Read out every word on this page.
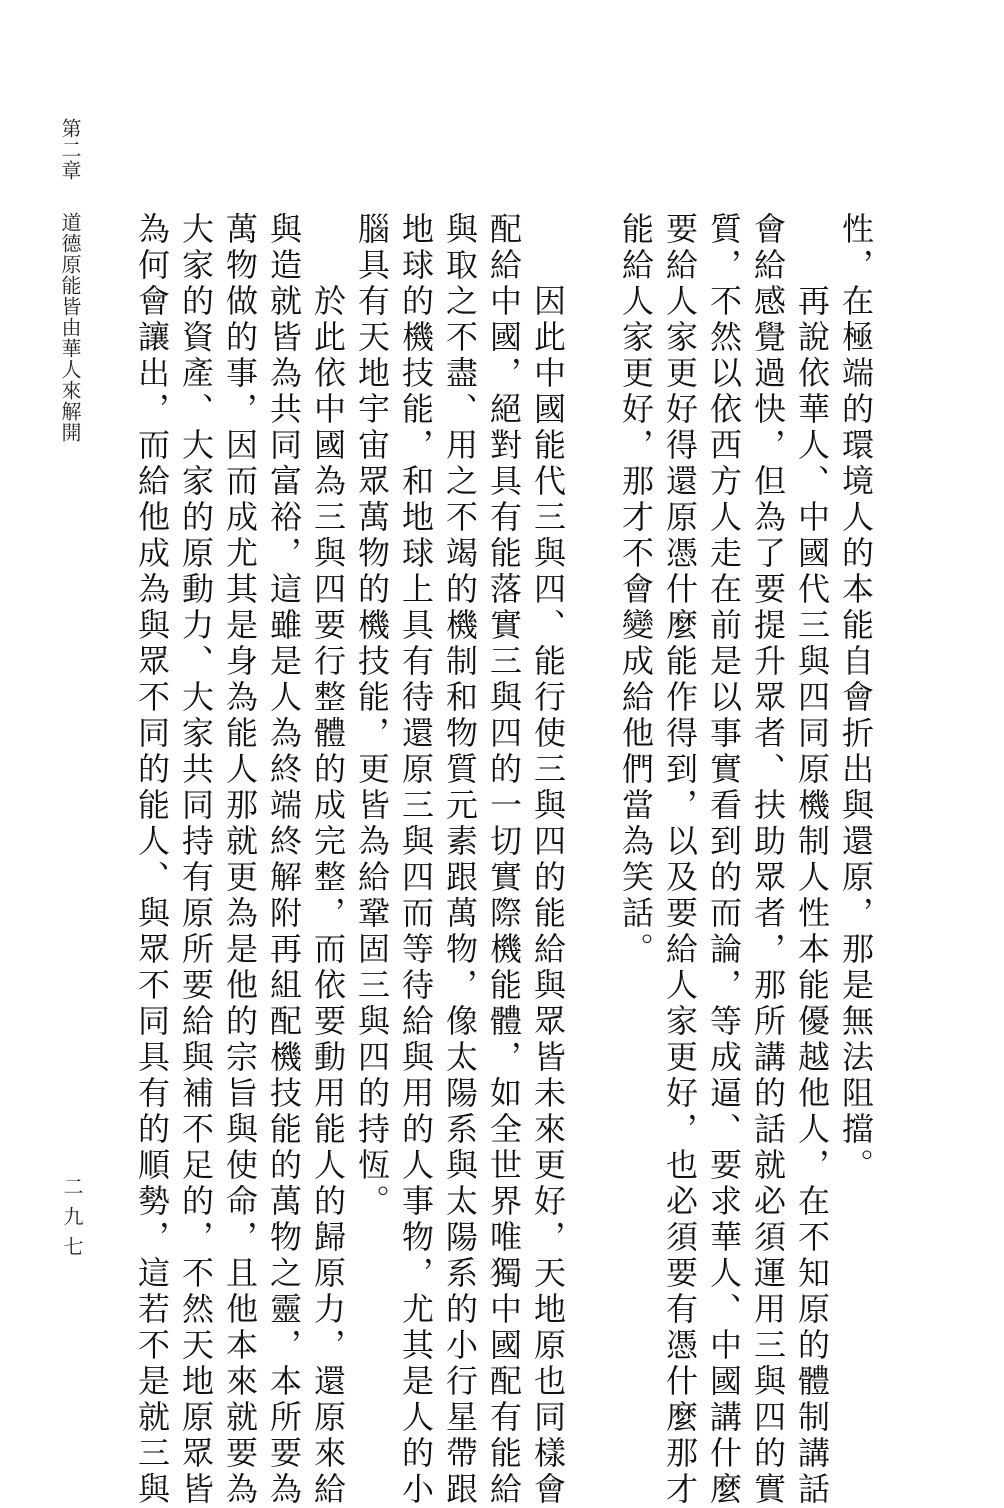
第二章
道德原能皆由華人來解開
二九七
性，在極端的環境人的本能自會折出與還原，那是無法阻擋。
再說依華人、中國代三與四同原機制人性本能優越他人，在不知原的體制講話
會給感覺過快，但為了要提升眾者、扶助眾者，那所講的話就必須運用三與四的實
質，不然以依西方人走在前是以事實看到的而論，等成逼、要求華人、中國講什麼
要給人家更好得還原憑什麼能作得到，以及要給人家更好，也必須要有憑什麼那才
能給人家更好，那才不會變成給他們當為笑話。
因此中國能代三與四、能行使三與四的能給與眾皆未來更好，天地原也同樣會
配給中國，絕對具有能落實三與四的一切實際機能體，如全世界唯獨中國配有能給
與取之不盡、用之不竭的機制和物質元素跟萬物，像太陽系與太陽系的小行星帶跟
地球的機技能，和地球上具有待還原三與四而等待給與用的人事物，尤其是人的小
腦具有天地宇宙眾萬物的機技能，更皆為給鞏固三與四的持恆。
於此依中國為三與四要行整體的成完整，而依要動用能人的歸原力，還原來給
與造就皆為共同富裕，這雖是人為終端終解附再組配機技能的萬物之靈，本所要為
萬物做的事，因而成尤其是身為能人那就更為是他的宗旨與使命，且他本來就要為
大家的資產、大家的原動力、大家共同持有原所要給與補不足的，不然天地原眾皆
為何會讓出，而給他成為與眾不同的能人、與眾不同具有的順勢，這若不是就三與
